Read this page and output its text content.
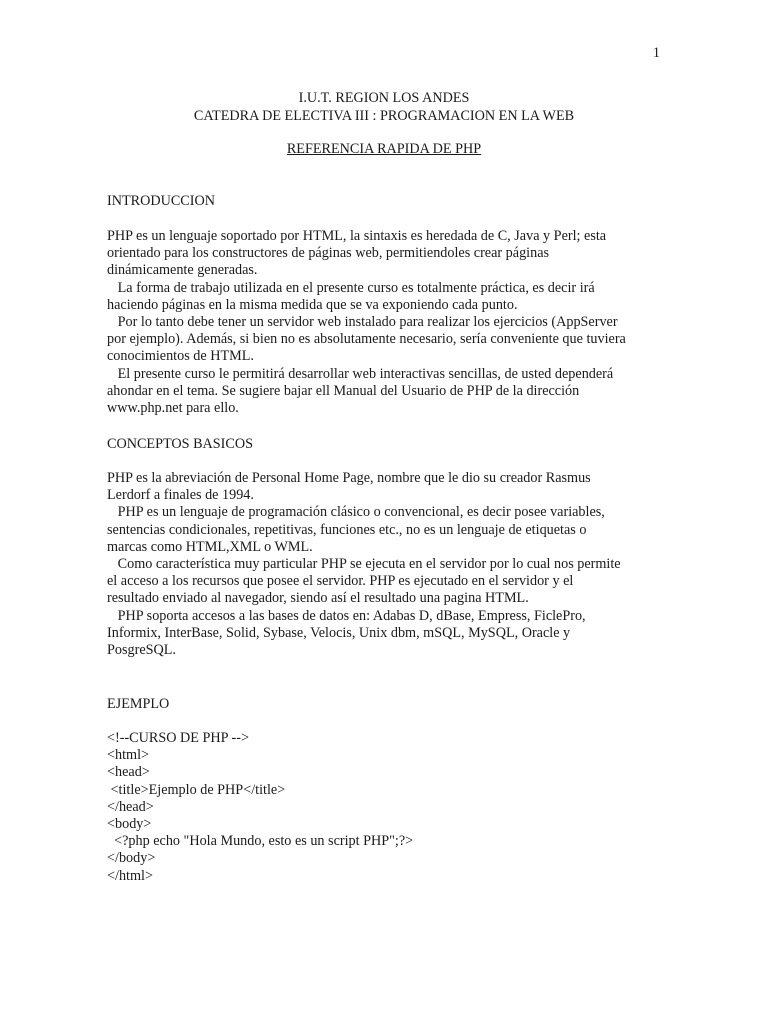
1
I.U.T. REGION LOS ANDES
CATEDRA DE ELECTIVA III : PROGRAMACION EN LA WEB
REFERENCIA RAPIDA DE PHP
INTRODUCCION
PHP es un lenguaje soportado por HTML, la sintaxis es heredada de C, Java y Perl; esta
orientado para los constructores de páginas web, permitiendoles crear páginas
dinámicamente generadas.
La forma de trabajo utilizada en el presente curso es totalmente práctica, es decir irá
haciendo páginas en la misma medida que se va exponiendo cada punto.
Por lo tanto debe tener un servidor web instalado para realizar los ejercicios (AppServer
por ejemplo). Además, si bien no es absolutamente necesario, sería conveniente que tuviera
conocimientos de HTML.
El presente curso le permitirá desarrollar web interactivas sencillas, de usted dependerá
ahondar en el tema. Se sugiere bajar ell Manual del Usuario de PHP de la dirección
www.php.net para ello.
CONCEPTOS BASICOS
PHP es la abreviación de Personal Home Page, nombre que le dio su creador Rasmus
Lerdorf a finales de 1994.
PHP es un lenguaje de programación clásico o convencional, es decir posee variables,
sentencias condicionales, repetitivas, funciones etc., no es un lenguaje de etiquetas o
marcas como HTML,XML o WML.
Como característica muy particular PHP se ejecuta en el servidor por lo cual nos permite
el acceso a los recursos que posee el servidor. PHP es ejecutado en el servidor y el
resultado enviado al navegador, siendo así el resultado una pagina HTML.
PHP soporta accesos a las bases de datos en: Adabas D, dBase, Empress, FiclePro,
Informix, InterBase, Solid, Sybase, Velocis, Unix dbm, mSQL, MySQL, Oracle y
PosgreSQL.
EJEMPLO
<!--CURSO DE PHP -->
<html>
<head>
<title>Ejemplo de PHP</title>
</head>
<body>
<?php echo "Hola Mundo, esto es un script PHP";?>
</body>
</html>
